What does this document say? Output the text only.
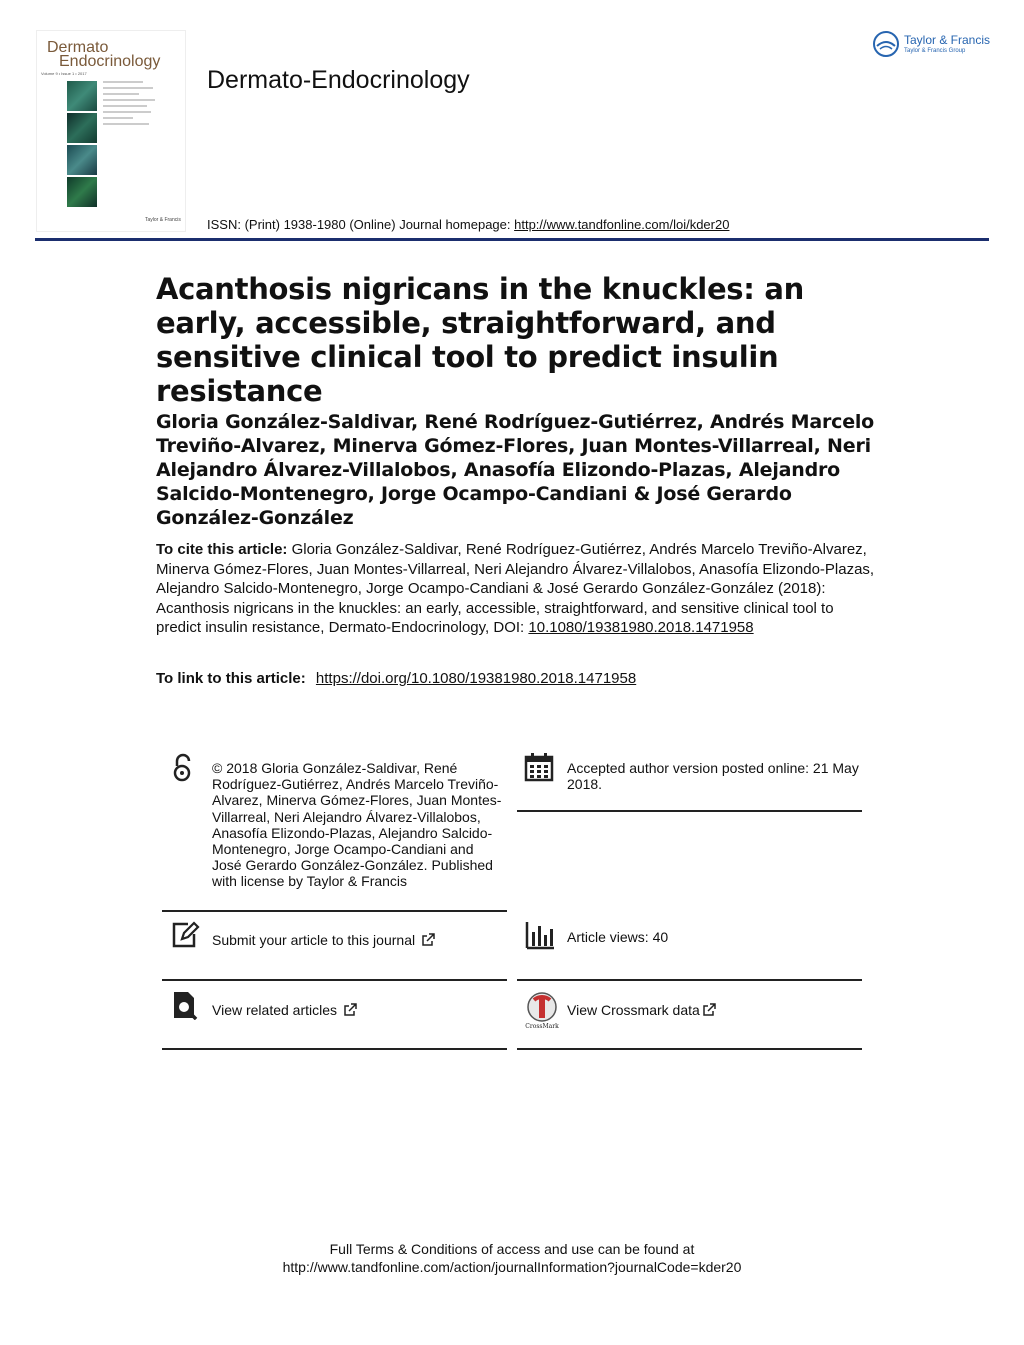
Dermato
Endocrinology
Volume 9 • Issue 1 • 2017
Taylor & Francis
Dermato-Endocrinology
ISSN: (Print) 1938-1980 (Online) Journal homepage: http://www.tandfonline.com/loi/kder20
Taylor & Francis
Taylor & Francis Group
Acanthosis nigricans in the knuckles: an early, accessible, straightforward, and sensitive clinical tool to predict insulin resistance
Gloria González-Saldivar, René Rodríguez-Gutiérrez, Andrés Marcelo Treviño-Alvarez, Minerva Gómez-Flores, Juan Montes-Villarreal, Neri Alejandro Álvarez-Villalobos, Anasofía Elizondo-Plazas, Alejandro Salcido-Montenegro, Jorge Ocampo-Candiani & José Gerardo González-González
To cite this article: Gloria González-Saldivar, René Rodríguez-Gutiérrez, Andrés Marcelo Treviño-Alvarez, Minerva Gómez-Flores, Juan Montes-Villarreal, Neri Alejandro Álvarez-Villalobos, Anasofía Elizondo-Plazas, Alejandro Salcido-Montenegro, Jorge Ocampo-Candiani & José Gerardo González-González (2018): Acanthosis nigricans in the knuckles: an early, accessible, straightforward, and sensitive clinical tool to predict insulin resistance, Dermato-Endocrinology, DOI: 10.1080/19381980.2018.1471958
To link to this article: https://doi.org/10.1080/19381980.2018.1471958
© 2018 Gloria González-Saldivar, René Rodríguez-Gutiérrez, Andrés Marcelo Treviño-Alvarez, Minerva Gómez-Flores, Juan Montes-Villarreal, Neri Alejandro Álvarez-Villalobos, Anasofía Elizondo-Plazas, Alejandro Salcido-Montenegro, Jorge Ocampo-Candiani and José Gerardo González-González. Published with license by Taylor & Francis
Accepted author version posted online: 21 May 2018.
Submit your article to this journal	Article views: 40
View related articles
CrossMark
View Crossmark data
Full Terms & Conditions of access and use can be found at
http://www.tandfonline.com/action/journalInformation?journalCode=kder20
